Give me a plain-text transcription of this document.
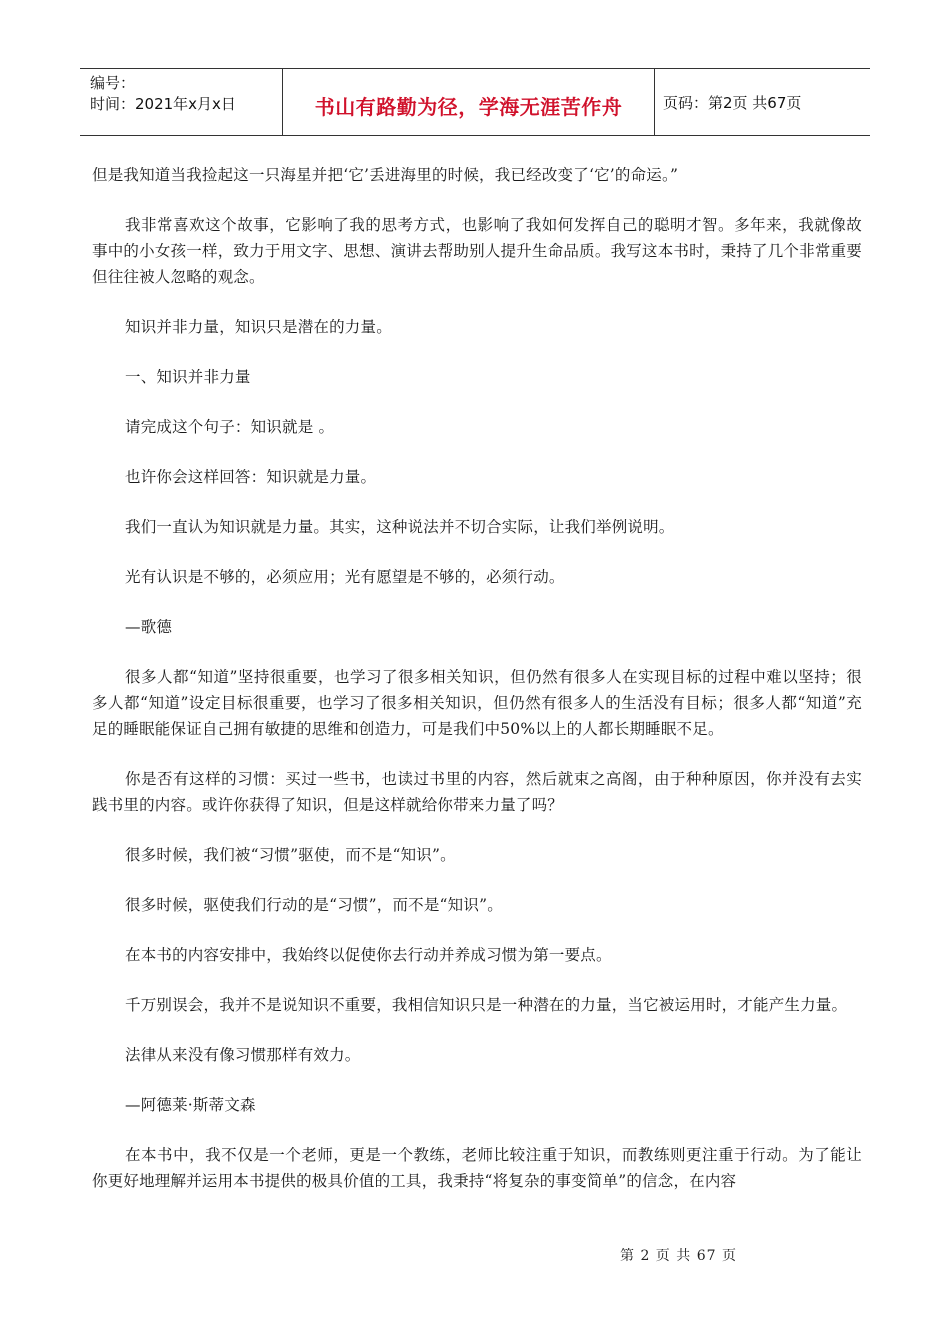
编号：
时间：2021年x月x日	书山有路勤为径，学海无涯苦作舟	页码：第2页 共67页

但是我知道当我捡起这一只海星并把‘它’丢进海里的时候，我已经改变了‘它’的命运。”

我非常喜欢这个故事，它影响了我的思考方式，也影响了我如何发挥自己的聪明才智。多年来，我就像故事中的小女孩一样，致力于用文字、思想、演讲去帮助别人提升生命品质。我写这本书时，秉持了几个非常重要但往往被人忽略的观念。

知识并非力量，知识只是潜在的力量。

一、知识并非力量

请完成这个句子：知识就是 。

也许你会这样回答：知识就是力量。

我们一直认为知识就是力量。其实，这种说法并不切合实际，让我们举例说明。

光有认识是不够的，必须应用；光有愿望是不够的，必须行动。

—歌德

很多人都“知道”坚持很重要，也学习了很多相关知识，但仍然有很多人在实现目标的过程中难以坚持；很多人都“知道”设定目标很重要，也学习了很多相关知识，但仍然有很多人的生活没有目标；很多人都“知道”充足的睡眠能保证自己拥有敏捷的思维和创造力，可是我们中50%以上的人都长期睡眠不足。

你是否有这样的习惯：买过一些书，也读过书里的内容，然后就束之高阁，由于种种原因，你并没有去实践书里的内容。或许你获得了知识，但是这样就给你带来力量了吗？

很多时候，我们被“习惯”驱使，而不是“知识”。

很多时候，驱使我们行动的是“习惯”，而不是“知识”。

在本书的内容安排中，我始终以促使你去行动并养成习惯为第一要点。

千万别误会，我并不是说知识不重要，我相信知识只是一种潜在的力量，当它被运用时，才能产生力量。

法律从来没有像习惯那样有效力。

—阿德莱·斯蒂文森

在本书中，我不仅是一个老师，更是一个教练，老师比较注重于知识，而教练则更注重于行动。为了能让你更好地理解并运用本书提供的极具价值的工具，我秉持“将复杂的事变简单”的信念，在内容

第 2 页 共 67 页
